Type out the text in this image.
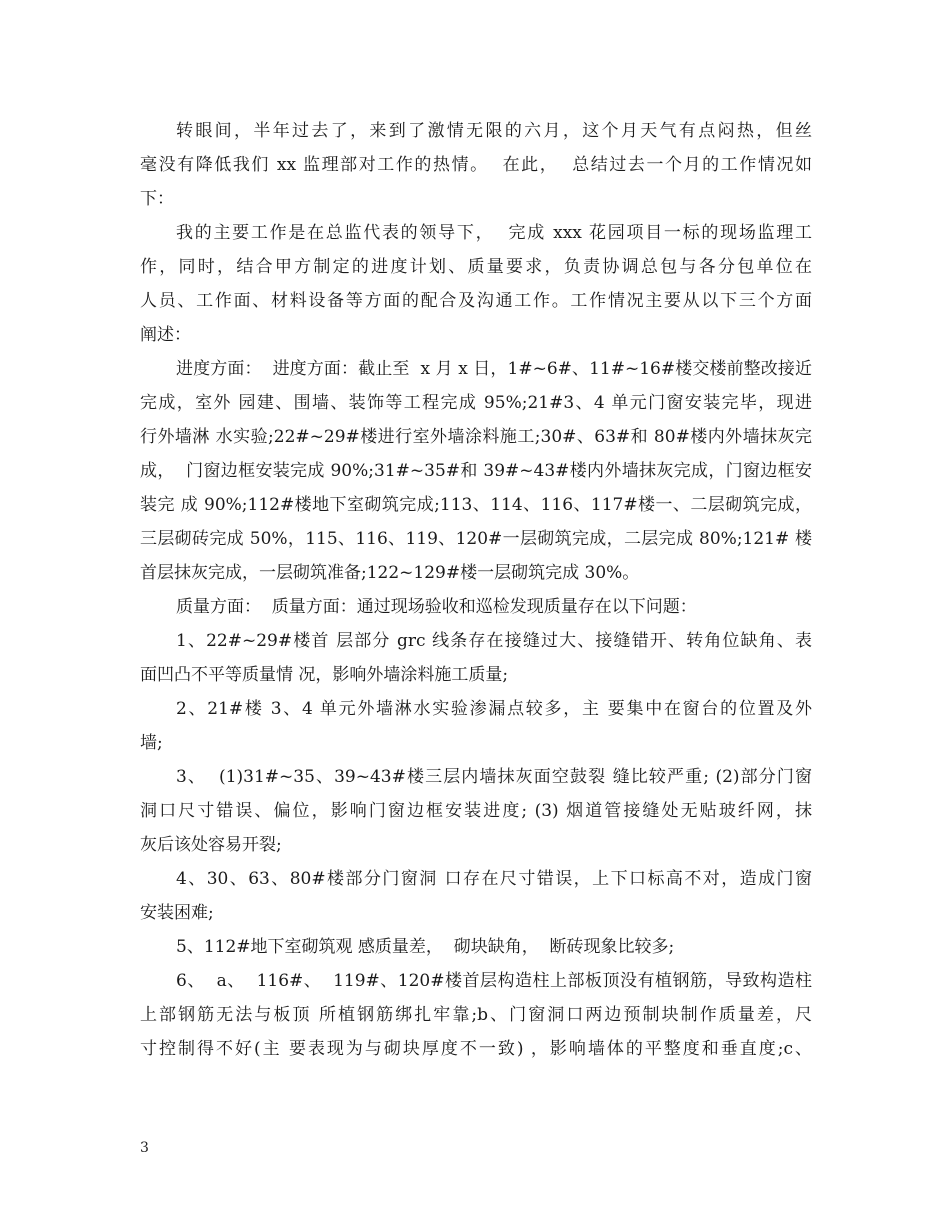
转眼间，半年过去了，来到了激情无限的六月，这个月天气有点闷热，但丝
毫没有降低我们 xx 监理部对工作的热情。  在此，  总结过去一个月的工作情况如
下：
我的主要工作是在总监代表的领导下，  完成 xxx 花园项目一标的现场监理工
作，同时，结合甲方制定的进度计划、质量要求，负责协调总包与各分包单位在
人员、工作面、材料设备等方面的配合及沟通工作。工作情况主要从以下三个方面
阐述：
进度方面：  进度方面：截止至  x 月 x 日，1#~6#、11#~16#楼交楼前整改接近
完成，室外 园建、围墙、装饰等工程完成 95%;21#3、4 单元门窗安装完毕，现进
行外墙淋 水实验;22#~29#楼进行室外墙涂料施工;30#、63#和 80#楼内外墙抹灰完
成，  门窗边框安装完成 90%;31#~35#和 39#~43#楼内外墙抹灰完成，门窗边框安
装完 成 90%;112#楼地下室砌筑完成;113、114、116、117#楼一、二层砌筑完成，
三层砌砖完成 50%，115、116、119、120#一层砌筑完成，二层完成 80%;121# 楼
首层抹灰完成，一层砌筑准备;122~129#楼一层砌筑完成 30%。
质量方面：  质量方面：通过现场验收和巡检发现质量存在以下问题：
1、22#~29#楼首 层部分 grc 线条存在接缝过大、接缝错开、转角位缺角、表
面凹凸不平等质量情 况，影响外墙涂料施工质量;
2、21#楼 3、4 单元外墙淋水实验渗漏点较多，主 要集中在窗台的位置及外
墙;
3、  (1)31#~35、39~43#楼三层内墙抹灰面空鼓裂 缝比较严重; (2)部分门窗
洞口尺寸错误、偏位，影响门窗边框安装进度; (3) 烟道管接缝处无贴玻纤网，抹
灰后该处容易开裂;
4、30、63、80#楼部分门窗洞 口存在尺寸错误，上下口标高不对，造成门窗
安装困难;
5、112#地下室砌筑观 感质量差，  砌块缺角，  断砖现象比较多;
6、  a、  116#、  119#、120#楼首层构造柱上部板顶没有植钢筋，导致构造柱
上部钢筋无法与板顶 所植钢筋绑扎牢靠;b、门窗洞口两边预制块制作质量差，尺
寸控制得不好(主 要表现为与砌块厚度不一致) ，影响墙体的平整度和垂直度;c、
3
